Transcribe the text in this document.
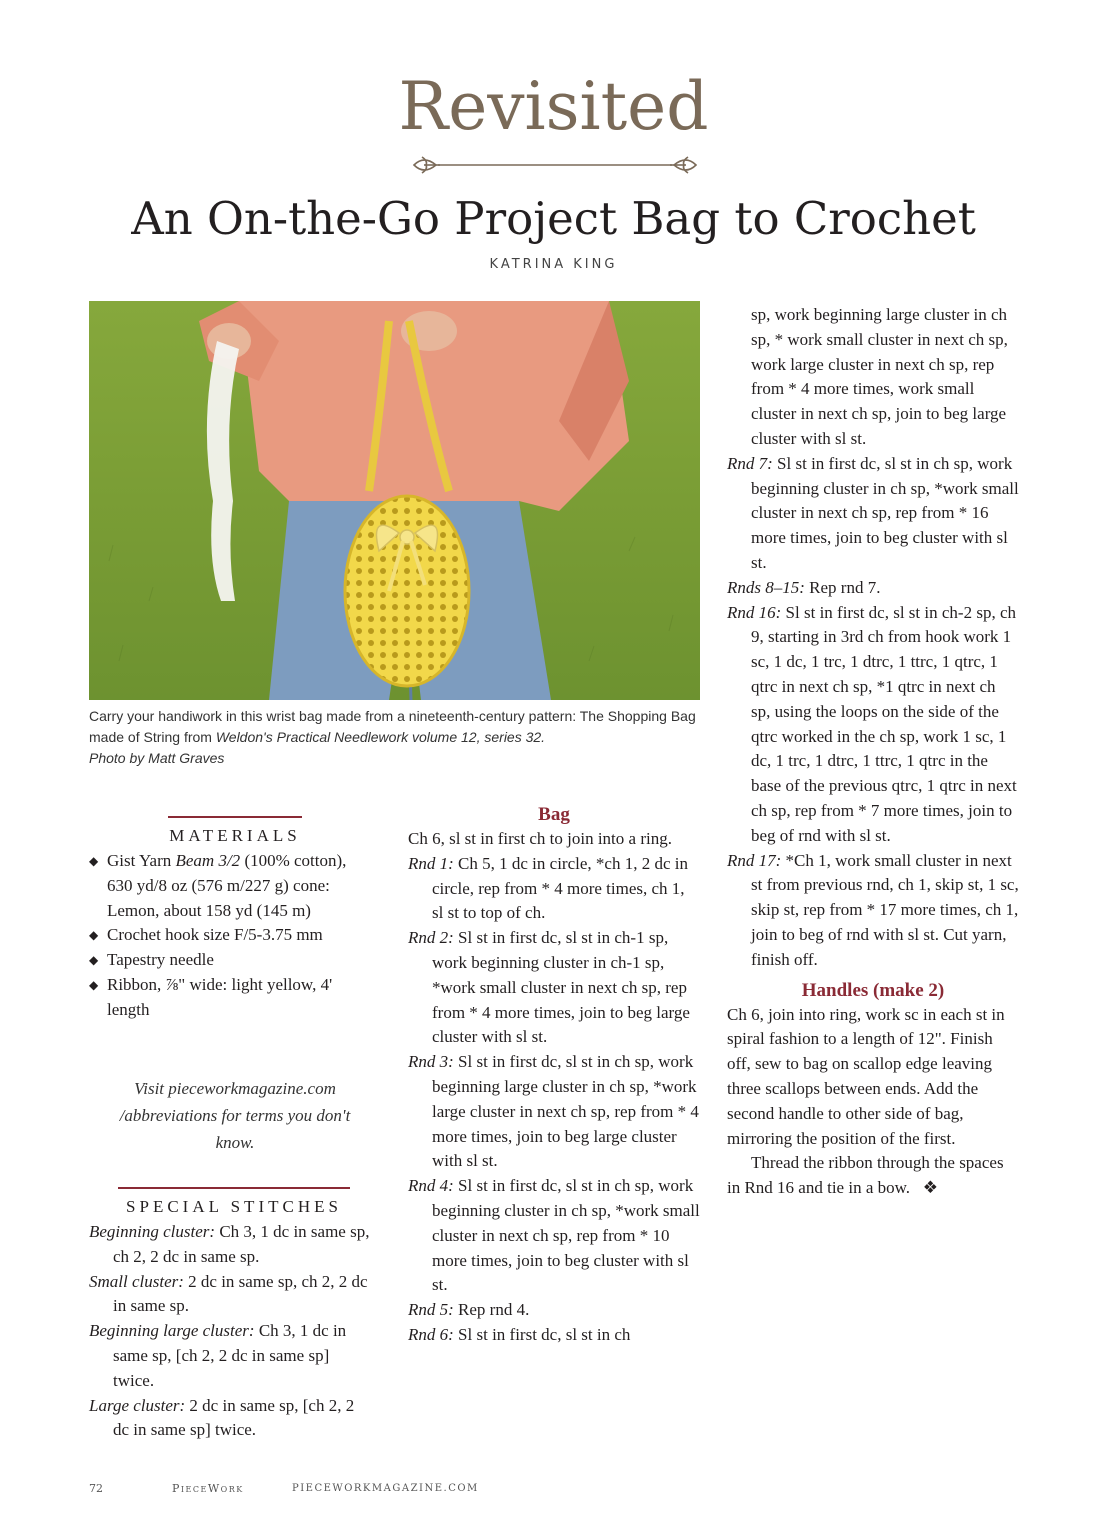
Revisited
An On-the-Go Project Bag to Crochet
KATRINA KING
Carry your handiwork in this wrist bag made from a nineteenth-century pattern: The Shopping Bag made of String from Weldon's Practical Needlework volume 12, series 32.
Photo by Matt Graves
MATERIALS
◆ Gist Yarn Beam 3/2 (100% cotton), 630 yd/8 oz (576 m/227 g) cone: Lemon, about 158 yd (145 m)
◆ Crochet hook size F/5-3.75 mm
◆ Tapestry needle
◆ Ribbon, ⅞" wide: light yellow, 4' length
Visit pieceworkmagazine.com /abbreviations for terms you don't know.
SPECIAL STITCHES

Beginning cluster: Ch 3, 1 dc in same sp, ch 2, 2 dc in same sp.

Small cluster: 2 dc in same sp, ch 2, 2 dc in same sp.

Beginning large cluster: Ch 3, 1 dc in same sp, [ch 2, 2 dc in same sp] twice.

Large cluster: 2 dc in same sp, [ch 2, 2 dc in same sp] twice.

Bag

Ch 6, sl st in first ch to join into a ring.

Rnd 1: Ch 5, 1 dc in circle, *ch 1, 2 dc in circle, rep from * 4 more times, ch 1, sl st to top of ch.

Rnd 2: Sl st in first dc, sl st in ch-1 sp, work beginning cluster in ch-1 sp, *work small cluster in next ch sp, rep from * 4 more times, join to beg large cluster with sl st.

Rnd 3: Sl st in first dc, sl st in ch sp, work beginning large cluster in ch sp, *work large cluster in next ch sp, rep from * 4 more times, join to beg large cluster with sl st.

Rnd 4: Sl st in first dc, sl st in ch sp, work beginning cluster in ch sp, *work small cluster in next ch sp, rep from * 10 more times, join to beg cluster with sl st.

Rnd 5: Rep rnd 4.

Rnd 6: Sl st in first dc, sl st in ch

sp, work beginning large cluster in ch sp, * work small cluster in next ch sp, work large cluster in next ch sp, rep from * 4 more times, work small cluster in next ch sp, join to beg large cluster with sl st.

Rnd 7: Sl st in first dc, sl st in ch sp, work beginning cluster in ch sp, *work small cluster in next ch sp, rep from * 16 more times, join to beg cluster with sl st.

Rnds 8–15: Rep rnd 7.

Rnd 16: Sl st in first dc, sl st in ch-2 sp, ch 9, starting in 3rd ch from hook work 1 sc, 1 dc, 1 trc, 1 dtrc, 1 ttrc, 1 qtrc, 1 qtrc in next ch sp, *1 qtrc in next ch sp, using the loops on the side of the qtrc worked in the ch sp, work 1 sc, 1 dc, 1 trc, 1 dtrc, 1 ttrc, 1 qtrc in the base of the previous qtrc, 1 qtrc in next ch sp, rep from * 7 more times, join to beg of rnd with sl st.

Rnd 17: *Ch 1, work small cluster in next st from previous rnd, ch 1, skip st, 1 sc, skip st, rep from * 17 more times, ch 1, join to beg of rnd with sl st. Cut yarn, finish off.

Handles (make 2)

Ch 6, join into ring, work sc in each st in spiral fashion to a length of 12". Finish off, sew to bag on scallop edge leaving three scallops between ends. Add the second handle to other side of bag, mirroring the position of the first.

Thread the ribbon through the spaces in Rnd 16 and tie in a bow. ❖

72	PieceWork	PIECEWORKMAGAZINE.COM
